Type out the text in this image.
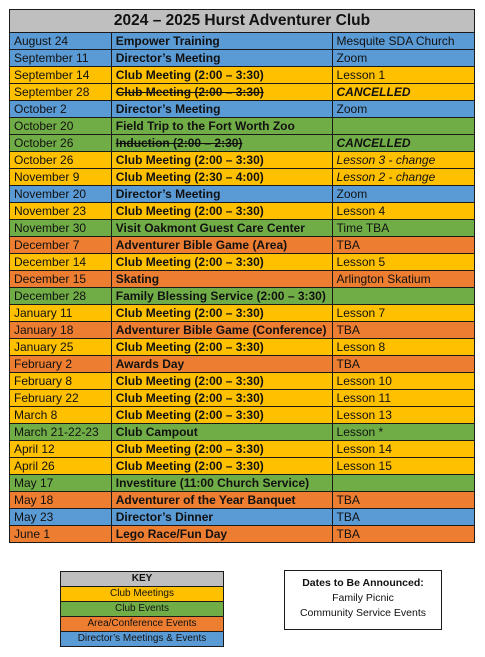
2024 – 2025 Hurst Adventurer Club		
August 24	Empower Training	Mesquite SDA Church
September 11	Director’s Meeting	Zoom
September 14	Club Meeting (2:00 – 3:30)	Lesson 1
September 28	Club Meeting (2:00 – 3:30)	CANCELLED
October 2	Director’s Meeting	Zoom
October 20	Field Trip to the Fort Worth Zoo	
October 26	Induction (2:00 – 2:30)	CANCELLED
October 26	Club Meeting (2:00 – 3:30)	Lesson 3 - change
November 9	Club Meeting (2:30 – 4:00)	Lesson 2 - change
November 20	Director’s Meeting	Zoom
November 23	Club Meeting (2:00 – 3:30)	Lesson 4
November 30	Visit Oakmont Guest Care Center	Time TBA
December 7	Adventurer Bible Game (Area)	TBA
December 14	Club Meeting (2:00 – 3:30)	Lesson 5
December 15	Skating	Arlington Skatium
December 28	Family Blessing Service (2:00 – 3:30)	
January 11	Club Meeting (2:00 – 3:30)	Lesson 7
January 18	Adventurer Bible Game (Conference)	TBA
January 25	Club Meeting (2:00 – 3:30)	Lesson 8
February 2	Awards Day	TBA
February 8	Club Meeting (2:00 – 3:30)	Lesson 10
February 22	Club Meeting (2:00 – 3:30)	Lesson 11
March 8	Club Meeting (2:00 – 3:30)	Lesson 13
March 21-22-23	Club Campout	Lesson *
April 12	Club Meeting (2:00 – 3:30)	Lesson 14
April 26	Club Meeting (2:00 – 3:30)	Lesson 15
May 17	Investiture (11:00 Church Service)	
May 18	Adventurer of the Year Banquet	TBA
May 23	Director’s Dinner	TBA
June 1	Lego Race/Fun Day	TBA
KEY
Club Meetings
Club Events
Area/Conference Events
Director’s Meetings & Events
Dates to Be Announced:
Family Picnic
Community Service Events
